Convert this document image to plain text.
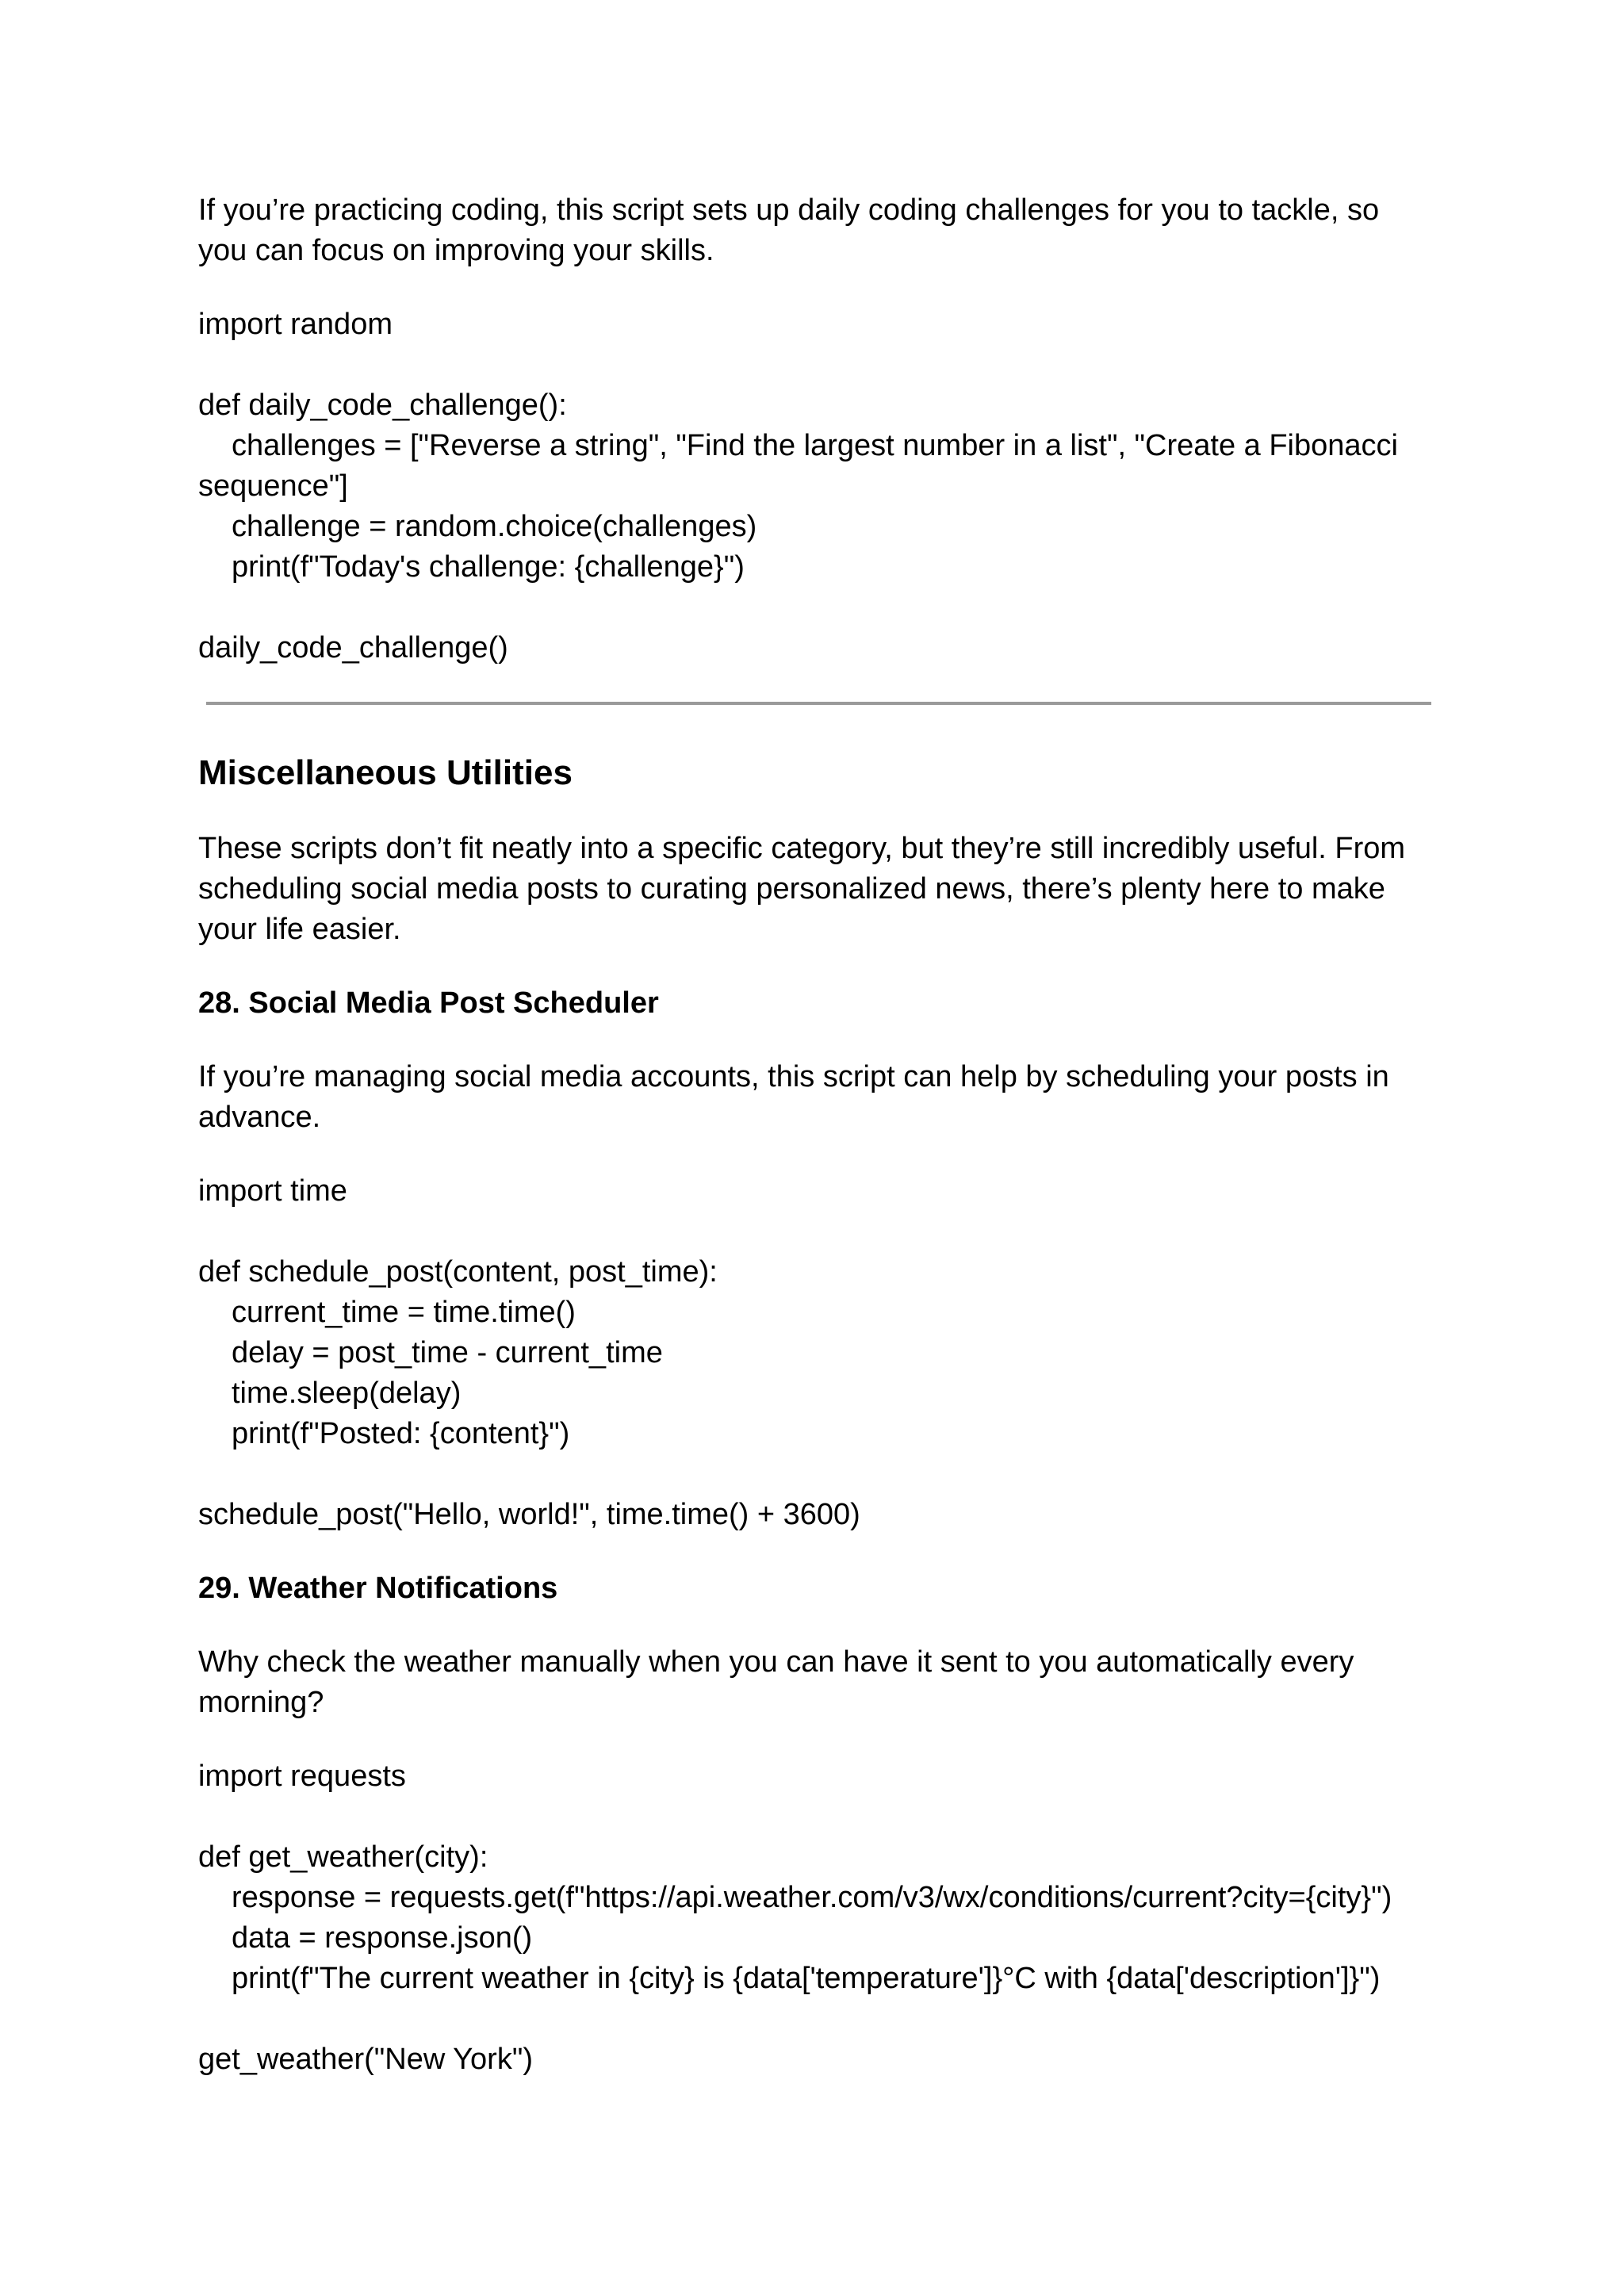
If you’re practicing coding, this script sets up daily coding challenges for you to tackle, so you can focus on improving your skills.

import random
def daily_code_challenge():
challenges = ["Reverse a string", "Find the largest number in a list", "Create a Fibonacci
sequence"]
challenge = random.choice(challenges)
print(f"Today's challenge: {challenge}")
daily_code_challenge()
Miscellaneous Utilities

These scripts don’t fit neatly into a specific category, but they’re still incredibly useful. From scheduling social media posts to curating personalized news, there’s plenty here to make your life easier.

28. Social Media Post Scheduler

If you’re managing social media accounts, this script can help by scheduling your posts in advance.

import time
def schedule_post(content, post_time):
current_time = time.time()
delay = post_time - current_time
time.sleep(delay)
print(f"Posted: {content}")
schedule_post("Hello, world!", time.time() + 3600)
29. Weather Notifications

Why check the weather manually when you can have it sent to you automatically every morning?

import requests
def get_weather(city):
response = requests.get(f"https://api.weather.com/v3/wx/conditions/current?city={city}")
data = response.json()
print(f"The current weather in {city} is {data['temperature']}°C with {data['description']}")
get_weather("New York")
